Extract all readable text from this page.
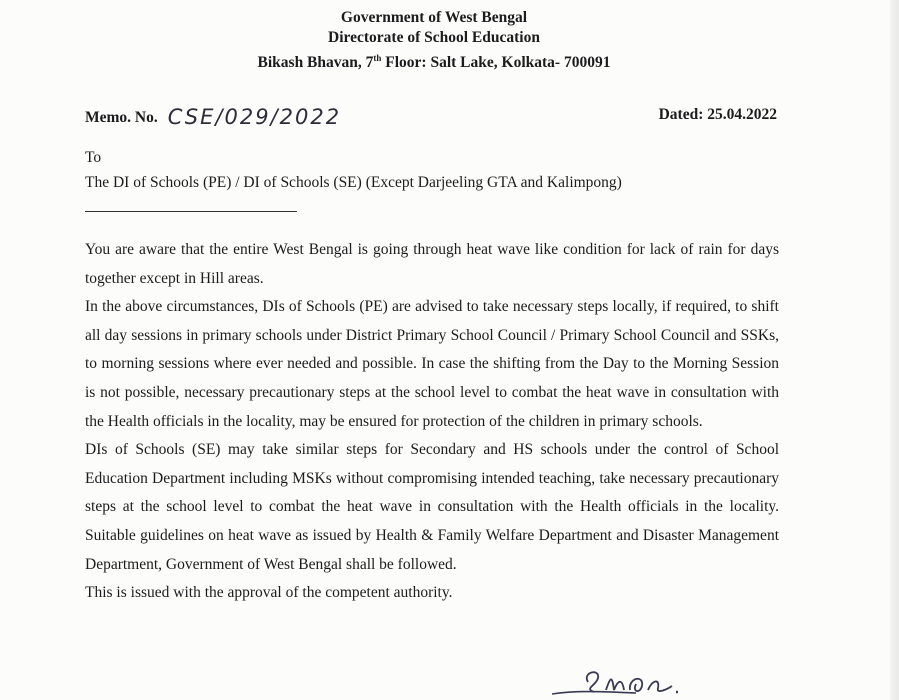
Government of West Bengal
Directorate of School Education
Bikash Bhavan, 7th Floor: Salt Lake, Kolkata- 700091
Memo. No. CSE/029/2022	Dated: 25.04.2022
To
The DI of Schools (PE) / DI of Schools (SE) (Except Darjeeling GTA and Kalimpong)

You are aware that the entire West Bengal is going through heat wave like condition for lack of rain for days together except in Hill areas.

In the above circumstances, DIs of Schools (PE) are advised to take necessary steps locally, if required, to shift all day sessions in primary schools under District Primary School Council / Primary School Council and SSKs, to morning sessions where ever needed and possible. In case the shifting from the Day to the Morning Session is not possible, necessary precautionary steps at the school level to combat the heat wave in consultation with the Health officials in the locality, may be ensured for protection of the children in primary schools.

DIs of Schools (SE) may take similar steps for Secondary and HS schools under the control of School Education Department including MSKs without compromising intended teaching, take necessary precautionary steps at the school level to combat the heat wave in consultation with the Health officials in the locality. Suitable guidelines on heat wave as issued by Health & Family Welfare Department and Disaster Management Department, Government of West Bengal shall be followed.

This is issued with the approval of the competent authority.
